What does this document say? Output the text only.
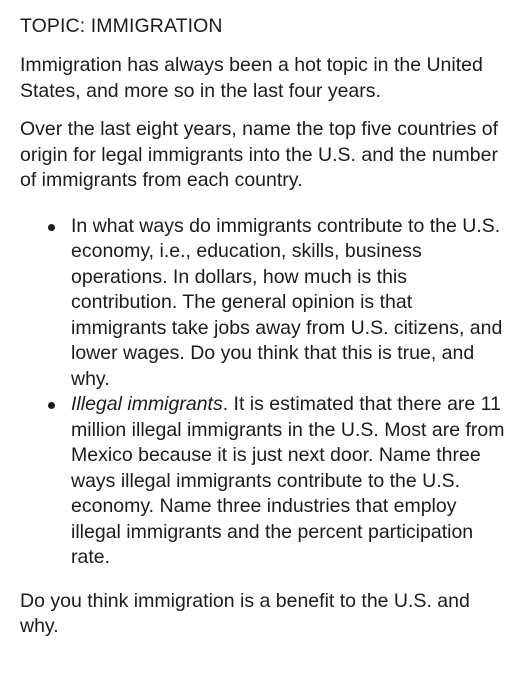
TOPIC: IMMIGRATION

Immigration has always been a hot topic in the United States, and more so in the last four years.

Over the last eight years, name the top five countries of origin for legal immigrants into the U.S. and the number of immigrants from each country.

In what ways do immigrants contribute to the U.S. economy, i.e., education, skills, business operations. In dollars, how much is this contribution. The general opinion is that immigrants take jobs away from U.S. citizens, and lower wages. Do you think that this is true, and why.
Illegal immigrants. It is estimated that there are 11 million illegal immigrants in the U.S. Most are from Mexico because it is just next door. Name three ways illegal immigrants contribute to the U.S. economy. Name three industries that employ illegal immigrants and the percent participation rate.

Do you think immigration is a benefit to the U.S. and why.
